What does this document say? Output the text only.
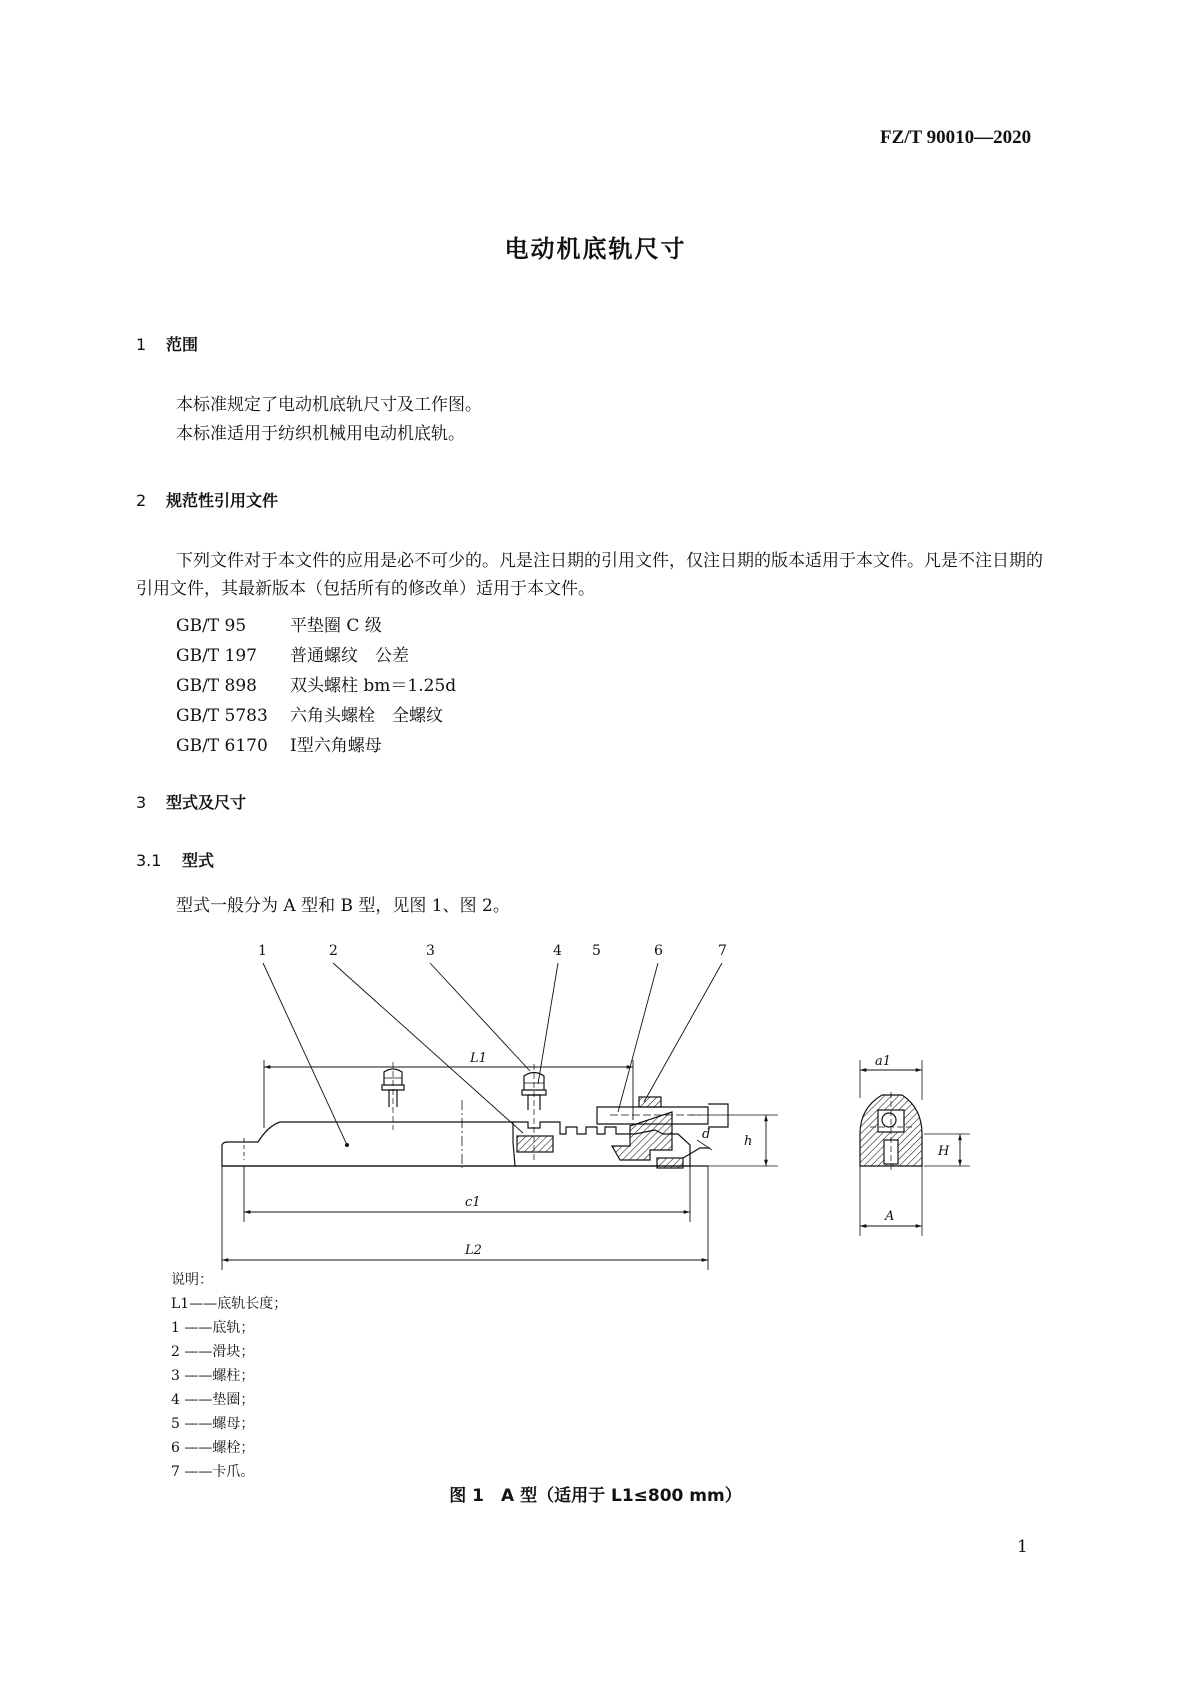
FZ/T 90010—2020
电动机底轨尺寸
1 范围
本标准规定了电动机底轨尺寸及工作图。
本标准适用于纺织机械用电动机底轨。
2 规范性引用文件
下列文件对于本文件的应用是必不可少的。凡是注日期的引用文件，仅注日期的版本适用于本文件。凡是不注日期的引用文件，其最新版本（包括所有的修改单）适用于本文件。
GB/T 95	平垫圈 C 级
GB/T 197 普通螺纹　公差
GB/T 898 双头螺柱 bm＝1.25d
GB/T 5783 六角头螺栓　全螺纹
GB/T 6170 Ⅰ型六角螺母
3 型式及尺寸
3.1 型式
型式一般分为 A 型和 B 型，见图 1、图 2。
1	2	3	4 5	6	7
L1
c1
L2
h
d
a1
H
A
说明：
L1——底轨长度；
1 ——底轨；
2 ——滑块；
3 ——螺柱；
4 ——垫圈；
5 ——螺母；
6 ——螺栓；
7 ——卡爪。
图 1　A 型（适用于 L1≤800 mm）
1
